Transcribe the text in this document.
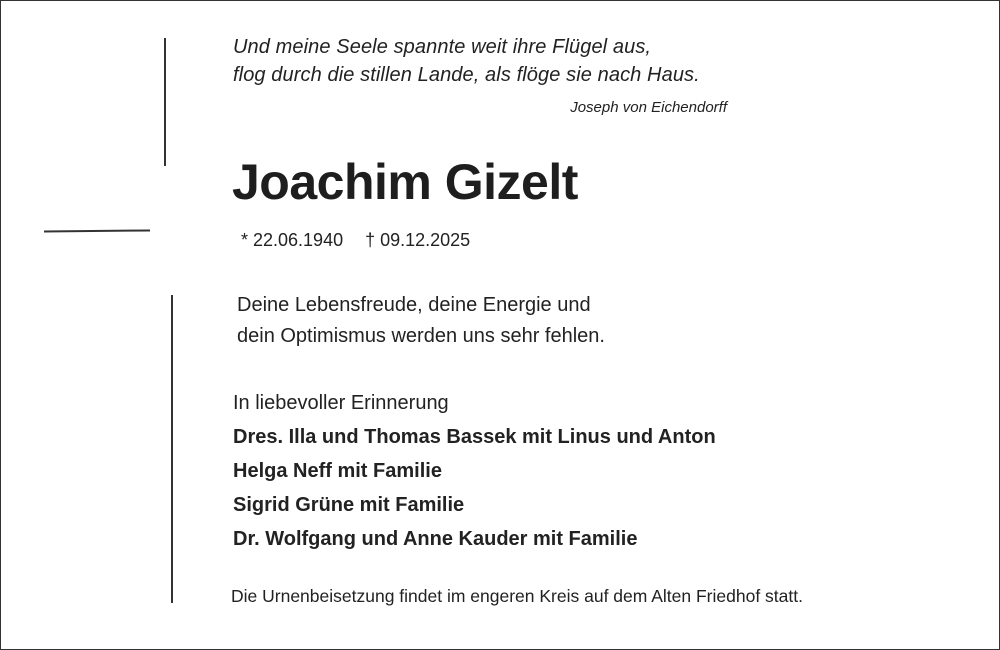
Und meine Seele spannte weit ihre Flügel aus,
flog durch die stillen Lande, als flöge sie nach Haus.
Joseph von Eichendorff
Joachim Gizelt
* 22.06.1940 † 09.12.2025
Deine Lebensfreude, deine Energie und
dein Optimismus werden uns sehr fehlen.
In liebevoller Erinnerung
Dres. Illa und Thomas Bassek mit Linus und Anton
Helga Neff mit Familie
Sigrid Grüne mit Familie
Dr. Wolfgang und Anne Kauder mit Familie
Die Urnenbeisetzung findet im engeren Kreis auf dem Alten Friedhof statt.
